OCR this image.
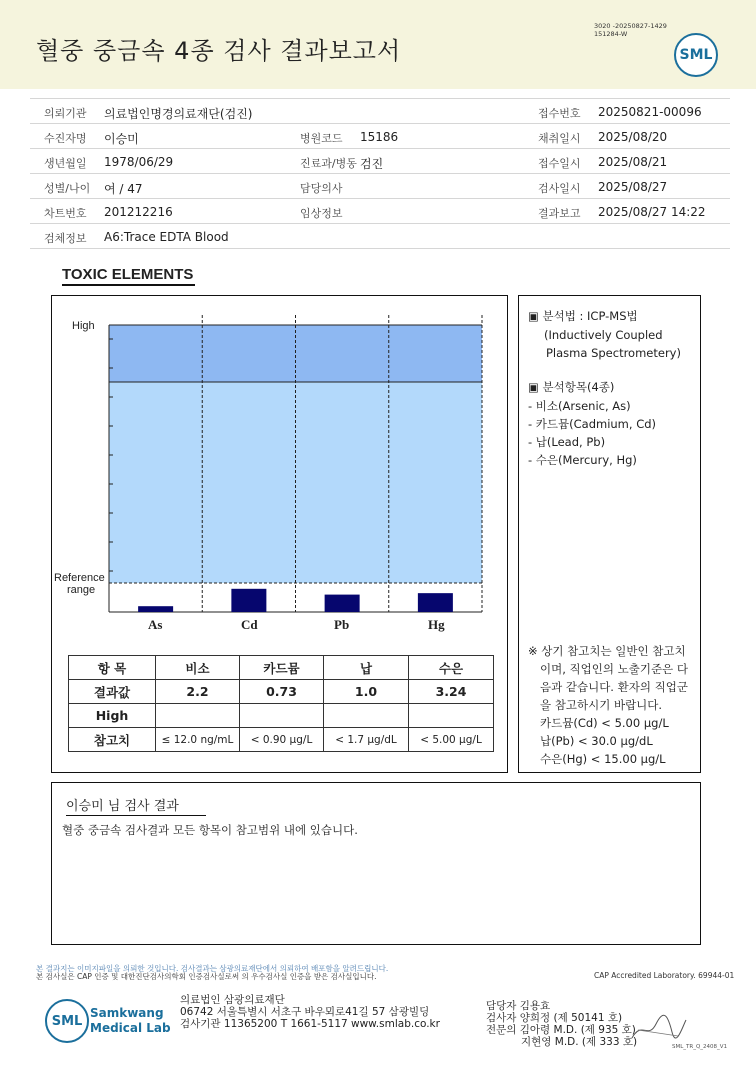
혈중 중금속 4종 검사 결과보고서
3020 -20250827-1429
151284-W
SML
의뢰기관 의료법인명경의료재단(검진)	접수번호 20250821-00096
수진자명 이승미	병원코드 15186	채취일시 2025/08/20
생년월일 1978/06/29	진료과/병동 검진	접수일시 2025/08/21
성별/나이 여 / 47	담당의사	검사일시 2025/08/27
차트번호 201212216	임상정보	결과보고 2025/08/27 14:22
검체정보 A6:Trace EDTA Blood
TOXIC ELEMENTS
High
Reference
range
As	Cd	Pb	Hg
항 목	비소	카드뮴	납	수은
결과값	2.2	0.73	1.0	3.24
High				
참고치	≤ 12.0 ng/mL	< 0.90 μg/L	< 1.7 μg/dL	< 5.00 μg/L
▣ 분석법 : ICP-MS법
(Inductively Coupled
Plasma Spectrometery)
▣ 분석항목(4종)
- 비소(Arsenic, As)
- 카드뮴(Cadmium, Cd)
- 납(Lead, Pb)
- 수은(Mercury, Hg)
※ 상기 참고치는 일반인 참고치
이며, 직업인의 노출기준은 다
음과 같습니다. 환자의 직업군
을 참고하시기 바랍니다.
카드뮴(Cd) < 5.00 μg/L
납(Pb) < 30.0 μg/dL
수은(Hg) < 15.00 μg/L
이승미 님 검사 결과
혈중 중금속 검사결과 모든 항목이 참고범위 내에 있습니다.
본 결과지는 이미지파일을 의뢰한 것입니다. 검사결과는 삼광의료재단에서 의뢰하여 배포함을 알려드립니다.
본 검사실은 CAP 인증 및 대한진단검사의학회 인증검사실로써 의 우수검사실 인증을 받은 검사실입니다.	CAP Accredited Laboratory. 69944-01
SML
Samkwang
Medical Lab
의료법인 삼광의료재단
06742 서울특별시 서초구 바우뫼로41길 57 삼광빌딩
검사기관 11365200 T 1661-5117 www.smlab.co.kr
담당자 김용효
검사자 양희정 (제 50141 호)
전문의 김아령 M.D. (제 935 호)
지현영 M.D. (제 333 호)	SML_TR_Q_2408_V1
